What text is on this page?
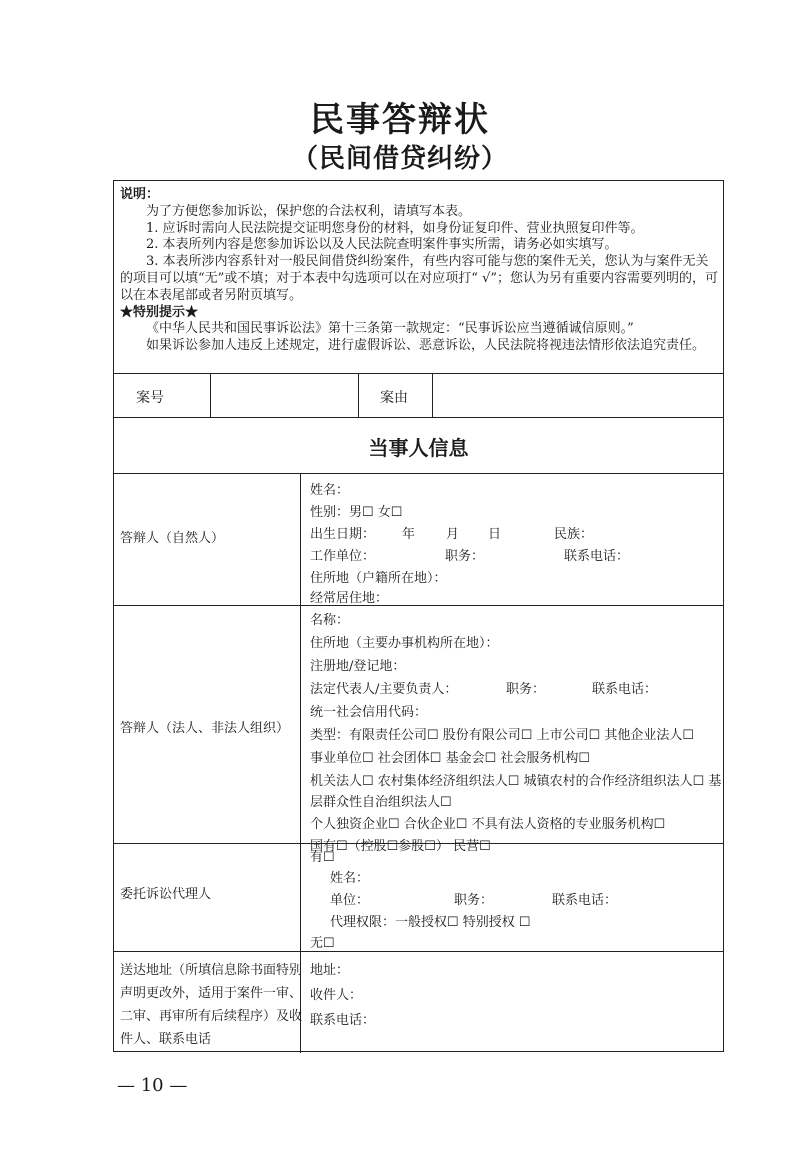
民事答辩状
（民间借贷纠纷）

说明：

为了方便您参加诉讼，保护您的合法权利，请填写本表。

1. 应诉时需向人民法院提交证明您身份的材料，如身份证复印件、营业执照复印件等。

2. 本表所列内容是您参加诉讼以及人民法院查明案件事实所需，请务必如实填写。

3. 本表所涉内容系针对一般民间借贷纠纷案件，有些内容可能与您的案件无关，您认为与案件无关的项目可以填“无”或不填；对于本表中勾选项可以在对应项打“ √”；您认为另有重要内容需要列明的，可以在本表尾部或者另附页填写。

★特别提示★

《中华人民共和国民事诉讼法》第十三条第一款规定：“民事诉讼应当遵循诚信原则。”

如果诉讼参加人违反上述规定，进行虚假诉讼、恶意诉讼，人民法院将视违法情形依法追究责任。

案号	案由
当事人信息
答辩人（自然人）
姓名：
性别：男☐ 女☐
出生日期： 年 月 日	民族：
工作单位：	职务：	联系电话：
住所地（户籍所在地）：
经常居住地：
答辩人（法人、非法人组织）
名称：
住所地（主要办事机构所在地）：
注册地/登记地：
法定代表人/主要负责人：	职务：	联系电话：
统一社会信用代码：
类型：有限责任公司☐ 股份有限公司☐ 上市公司☐ 其他企业法人☐
事业单位☐ 社会团体☐ 基金会☐ 社会服务机构☐
机关法人☐ 农村集体经济组织法人☐ 城镇农村的合作经济组织法人☐ 基
层群众性自治组织法人☐
个人独资企业☐ 合伙企业☐ 不具有法人资格的专业服务机构☐
国有☐（控股☐参股☐） 民营☐
委托诉讼代理人
有☐
姓名：
单位：	职务：	联系电话：
代理权限：一般授权☐ 特别授权 ☐
无☐
送达地址（所填信息除书面特别
声明更改外，适用于案件一审、
二审、再审所有后续程序）及收
件人、联系电话
地址：
收件人：
联系电话：
— 10 —
